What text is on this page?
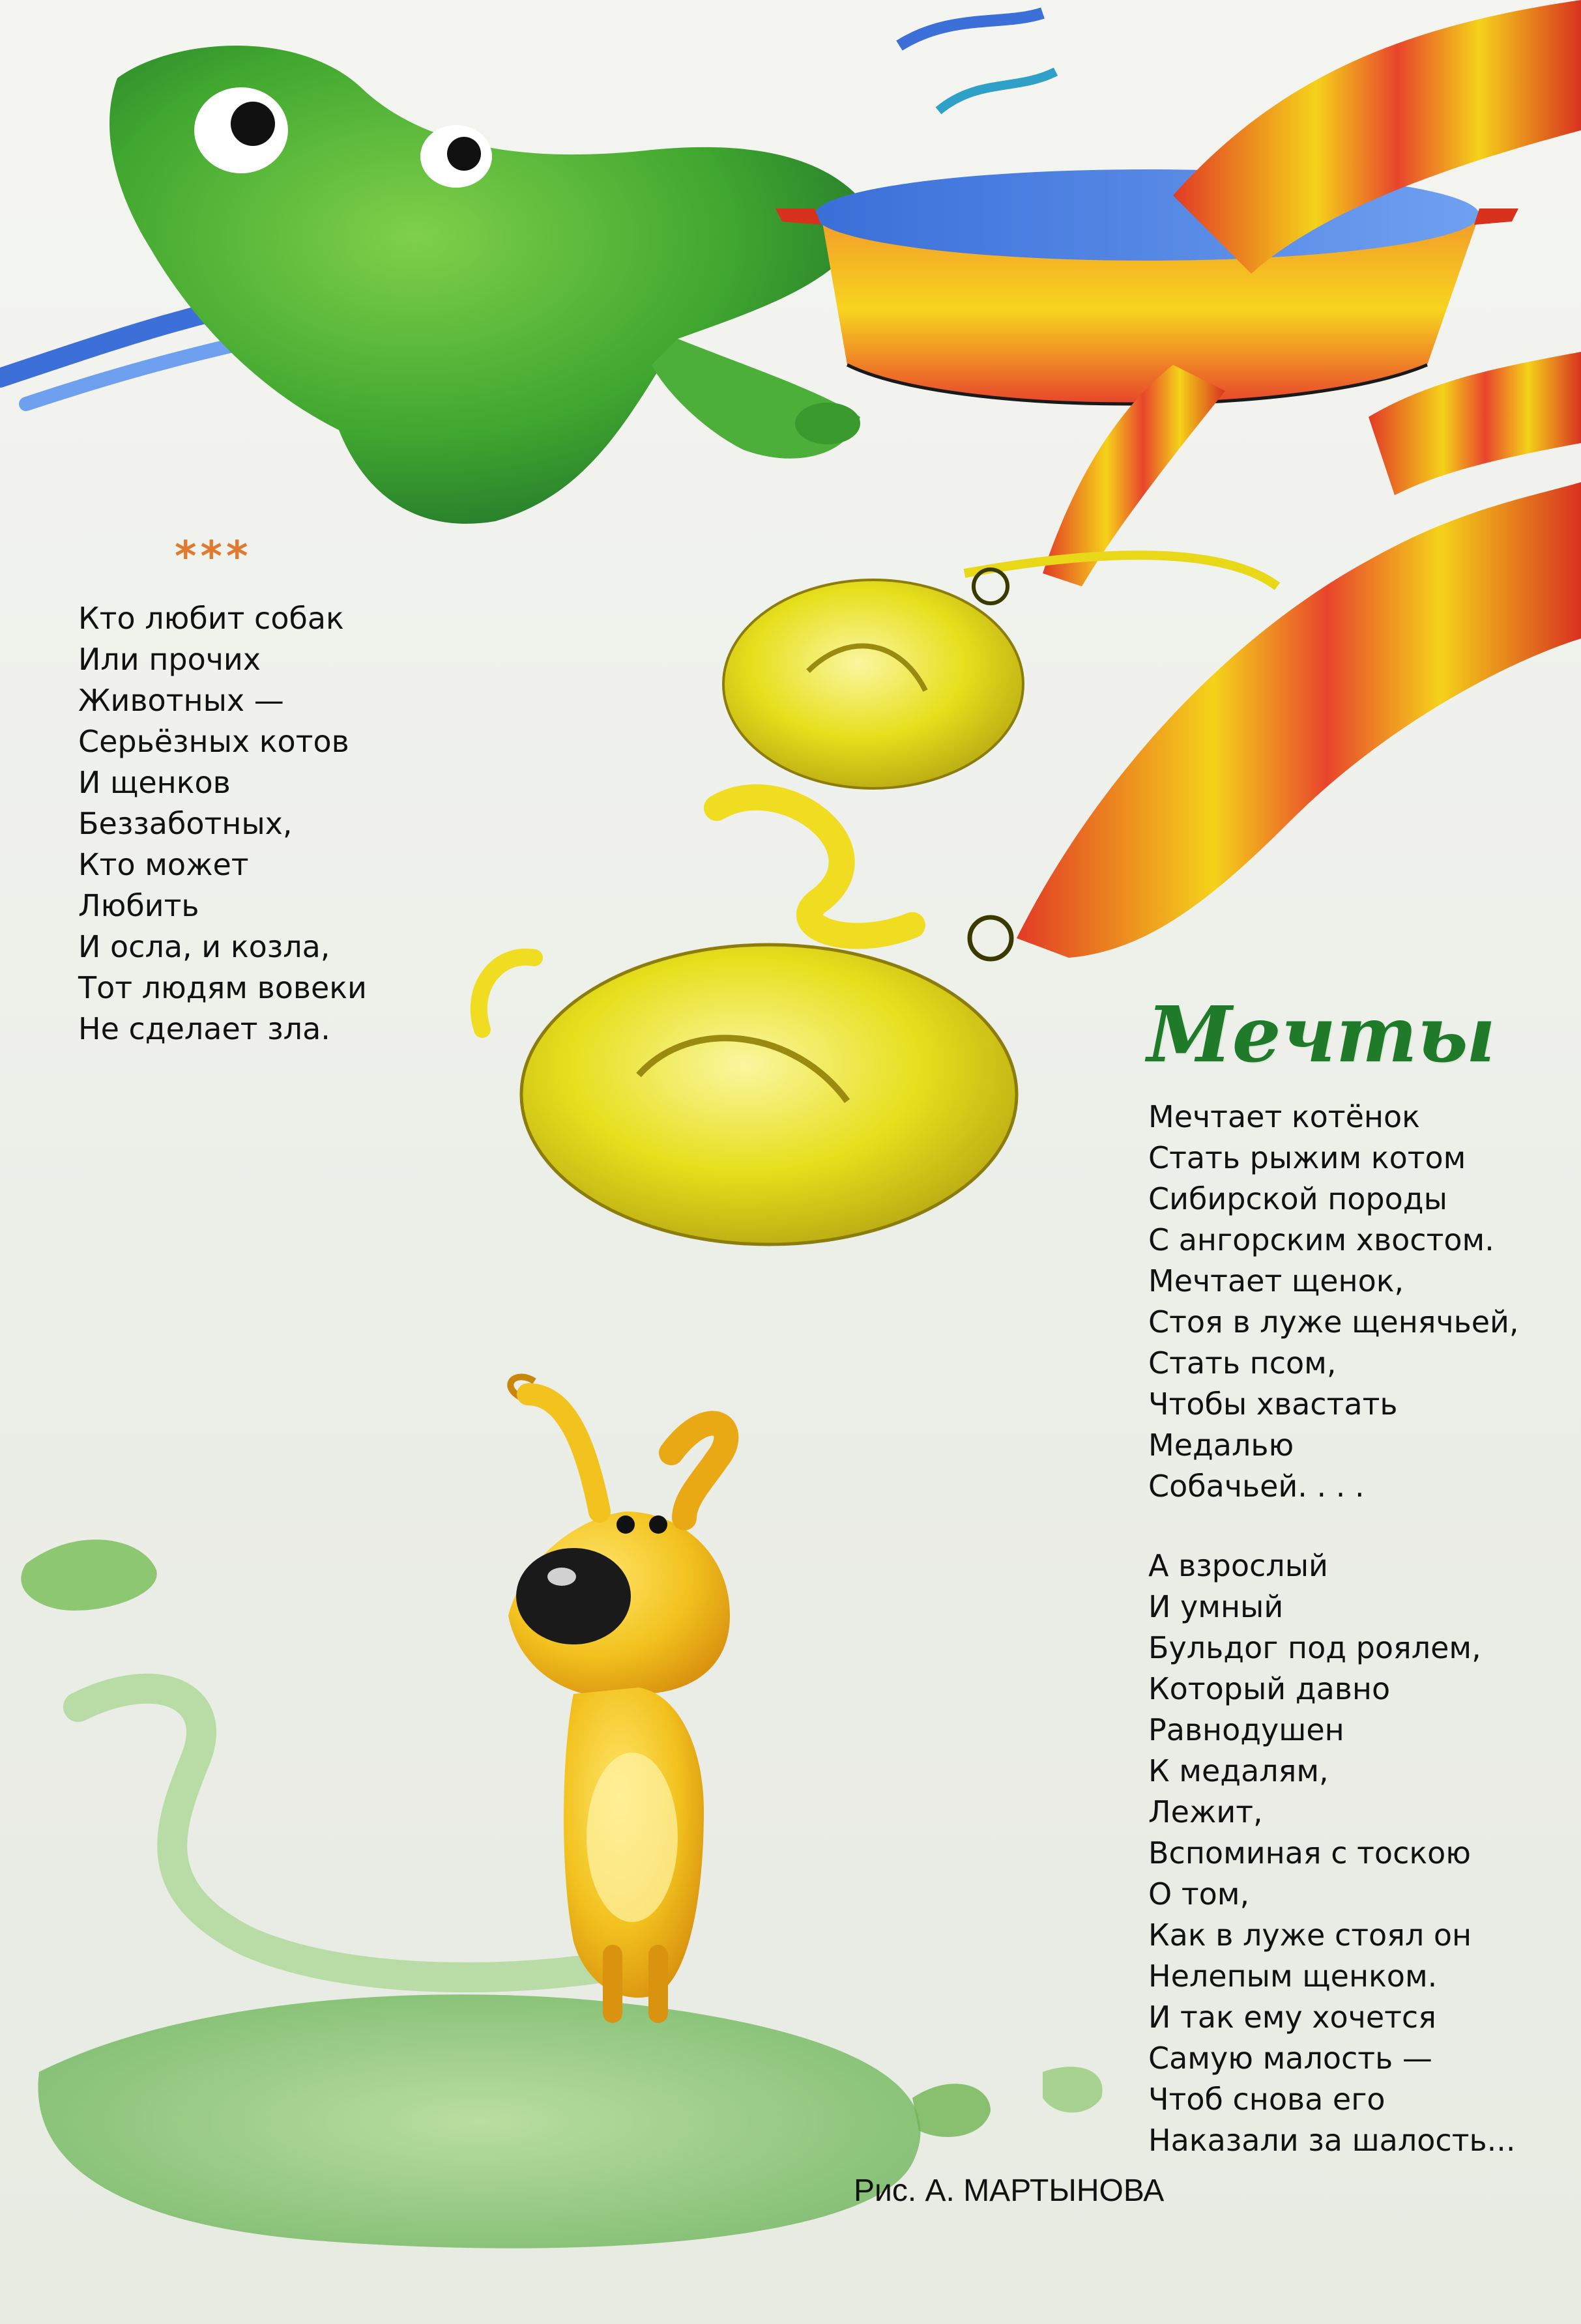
***
Кто любит собак
Или прочих
Животных —
Серьёзных котов
И щенков
Беззаботных,
Кто может
Любить
И осла, и козла,
Тот людям вовеки
Не сделает зла.	Мечты
Мечтает котёнок
Стать рыжим котом
Сибирской породы
С ангорским хвостом.
Мечтает щенок,
Стоя в луже щенячьей,
Стать псом,
Чтобы хвастать
Медалью
Собачьей. . . .
А взрослый
И умный
Бульдог под роялем,
Который давно
Равнодушен
К медалям,
Лежит,
Вспоминая с тоскою
О том,
Как в луже стоял он
Нелепым щенком.
И так ему хочется
Самую малость —
Чтоб снова его
Наказали за шалость...
Рис. А. МАРТЫНОВА
